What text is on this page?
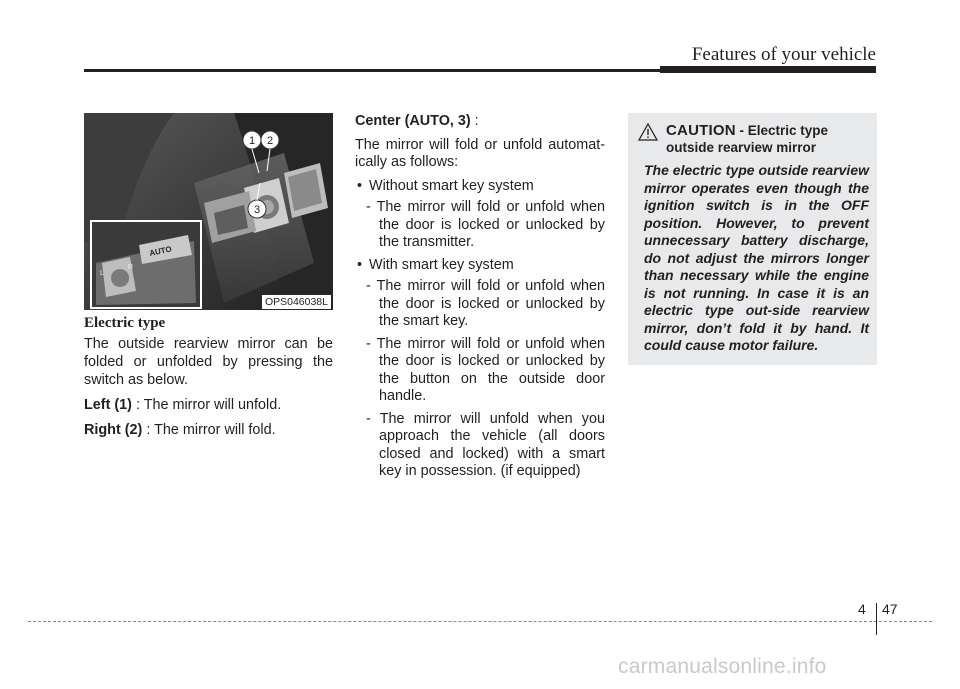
Features of your vehicle
1 2
3
AUTO
L
R
OPS046038L
Electric type

The outside rearview mirror can be folded or unfolded by pressing the switch as below.

Left (1) : The mirror will unfold.

Right (2) : The mirror will fold.

Center (AUTO, 3) :

The mirror will fold or unfold automat-ically as follows:

• Without smart key system
- The mirror will fold or unfold when the door is locked or unlocked by the transmitter.
• With smart key system
- The mirror will fold or unfold when the door is locked or unlocked by the smart key.
- The mirror will fold or unfold when the door is locked or unlocked by the button on the outside door handle.
- The mirror will unfold when you approach the vehicle (all doors closed and locked) with a smart key in possession. (if equipped)
CAUTION - Electric type
outside rearview mirror
The electric type outside rearview mirror operates even though the ignition switch is in the OFF position. However, to prevent unnecessary battery discharge, do not adjust the mirrors longer than necessary while the engine is not running. In case it is an electric type out-side rearview mirror, don’t fold it by hand. It could cause motor failure.
4 47
carmanualsonline.info
